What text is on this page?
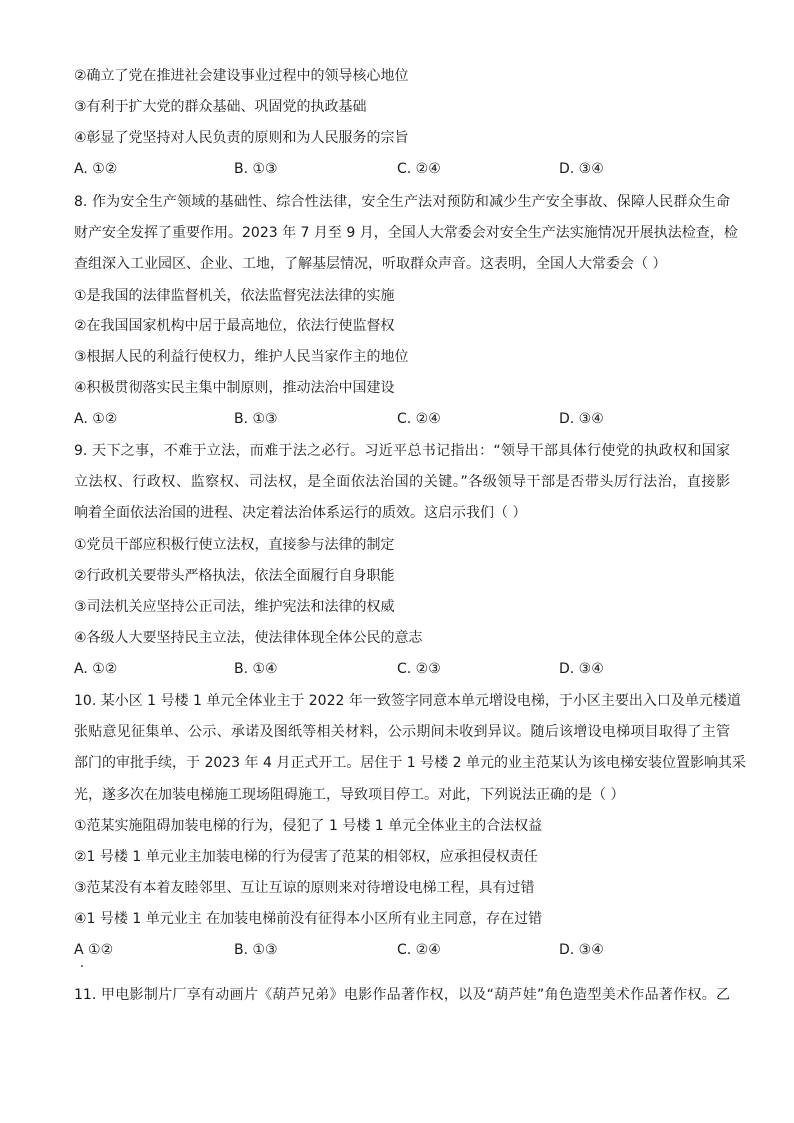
②确立了党在推进社会建设事业过程中的领导核心地位
③有利于扩大党的群众基础、巩固党的执政基础
④彰显了党坚持对人民负责的原则和为人民服务的宗旨
A. ①②	B. ①③	C. ②④	D. ③④
8. 作为安全生产领域的基础性、综合性法律，安全生产法对预防和减少生产安全事故、保障人民群众生命
财产安全发挥了重要作用。2023 年 7 月至 9 月，全国人大常委会对安全生产法实施情况开展执法检查，检
查组深入工业园区、企业、工地，了解基层情况，听取群众声音。这表明，全国人大常委会（ ）
①是我国的法律监督机关，依法监督宪法法律的实施
②在我国国家机构中居于最高地位，依法行使监督权
③根据人民的利益行使权力，维护人民当家作主的地位
④积极贯彻落实民主集中制原则，推动法治中国建设
A. ①②	B. ①③	C. ②④	D. ③④
9. 天下之事，不难于立法，而难于法之必行。习近平总书记指出：“领导干部具体行使党的执政权和国家
立法权、行政权、监察权、司法权，是全面依法治国的关键。”各级领导干部是否带头厉行法治，直接影
响着全面依法治国的进程、决定着法治体系运行的质效。这启示我们（ ）
①党员干部应积极行使立法权，直接参与法律的制定
②行政机关要带头严格执法，依法全面履行自身职能
③司法机关应坚持公正司法，维护宪法和法律的权威
④各级人大要坚持民主立法，使法律体现全体公民的意志
A. ①②	B. ①④	C. ②③	D. ③④
10. 某小区 1 号楼 1 单元全体业主于 2022 年一致签字同意本单元增设电梯，于小区主要出入口及单元楼道
张贴意见征集单、公示、承诺及图纸等相关材料，公示期间未收到异议。随后该增设电梯项目取得了主管
部门的审批手续，于 2023 年 4 月正式开工。居住于 1 号楼 2 单元的业主范某认为该电梯安装位置影响其采
光，遂多次在加装电梯施工现场阻碍施工，导致项目停工。对此，下列说法正确的是（ ）
①范某实施阻碍加装电梯的行为，侵犯了 1 号楼 1 单元全体业主的合法权益
②1 号楼 1 单元业主加装电梯的行为侵害了范某的相邻权，应承担侵权责任
③范某没有本着友睦邻里、互让互谅的原则来对待增设电梯工程，具有过错
④1 号楼 1 单元业主 在加装电梯前没有征得本小区所有业主同意，存在过错
A ①②	B. ①③	C. ②④	D. ③④
11. 甲电影制片厂享有动画片《葫芦兄弟》电影作品著作权，以及“葫芦娃”角色造型美术作品著作权。乙
